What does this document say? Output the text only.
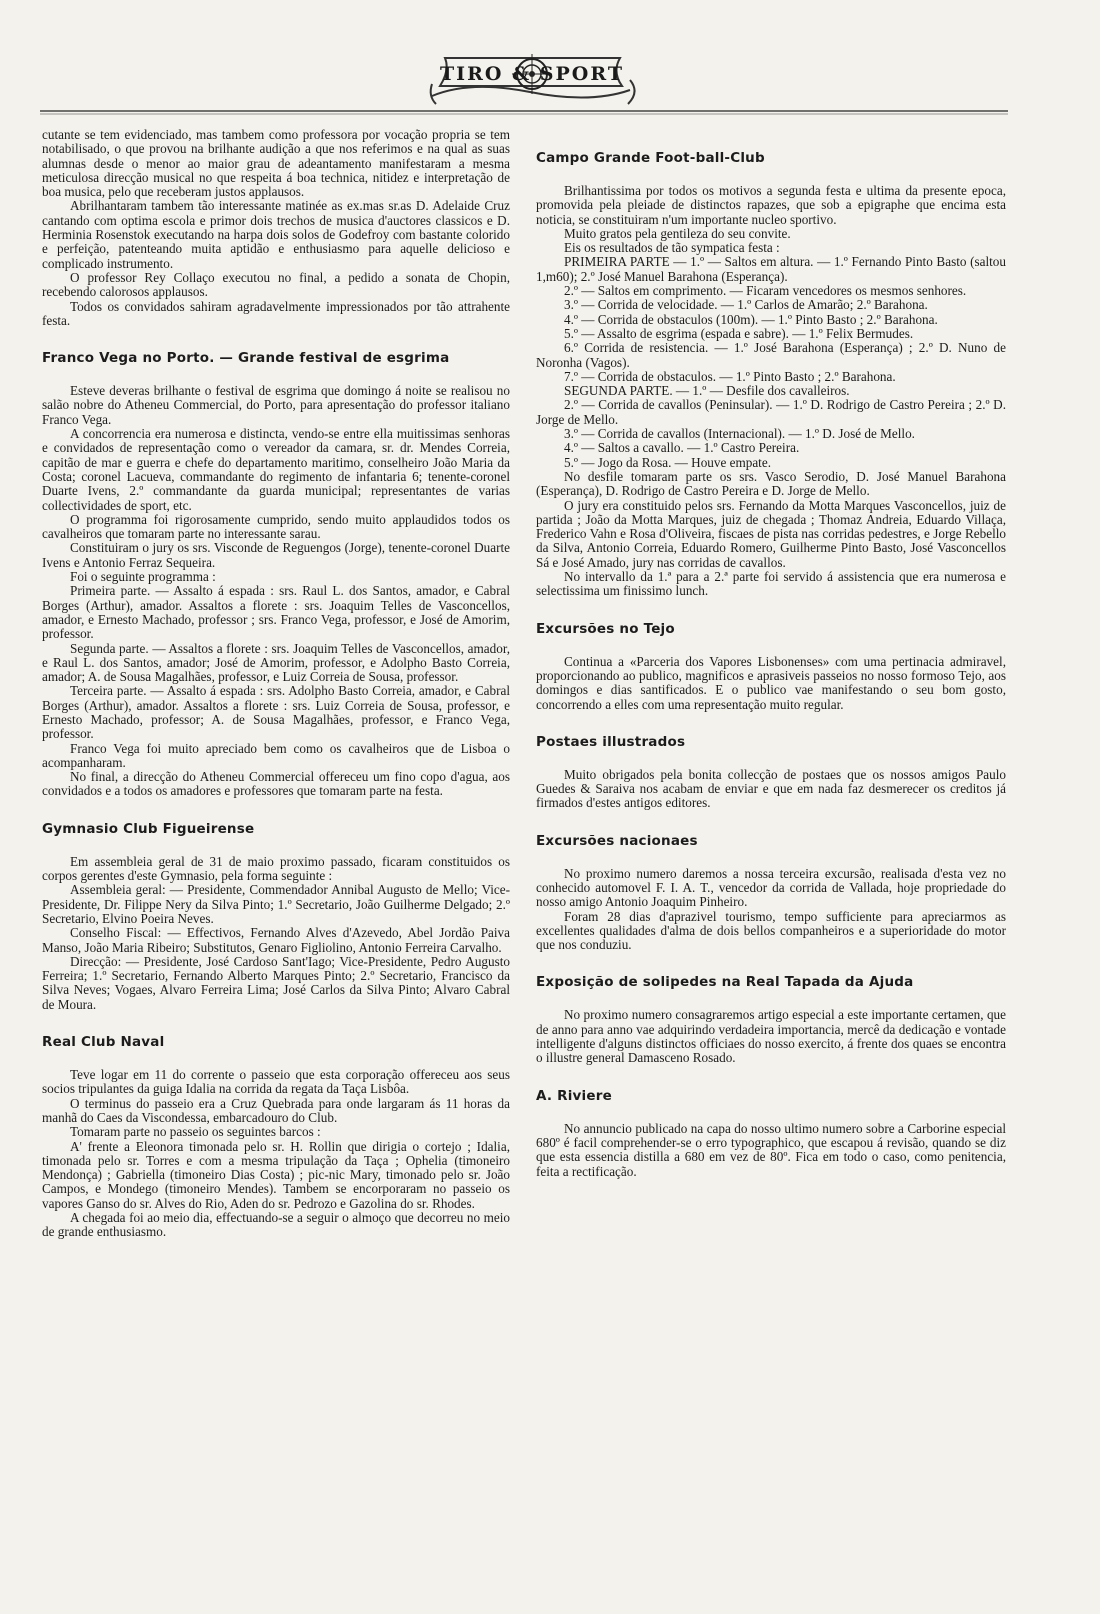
TIRO & SPORT

cutante se tem evidenciado, mas tambem como professora por vocação propria se tem notabilisado, o que provou na brilhante audição a que nos referimos e na qual as suas alumnas desde o menor ao maior grau de adeantamento manifestaram a mesma meticulosa direcção musical no que respeita á boa technica, nitidez e interpretação de boa musica, pelo que receberam justos applausos.

Abrilhantaram tambem tão interessante matinée as ex.mas sr.as D. Adelaide Cruz cantando com optima escola e primor dois trechos de musica d'auctores classicos e D. Herminia Rosenstok executando na harpa dois solos de Godefroy com bastante colorido e perfeição, patenteando muita aptidão e enthusiasmo para aquelle delicioso e complicado instrumento.

O professor Rey Collaço executou no final, a pedido a sonata de Chopin, recebendo calorosos applausos.

Todos os convidados sahiram agradavelmente impressionados por tão attrahente festa.

Franco Vega no Porto. — Grande festival de esgrima

Esteve deveras brilhante o festival de esgrima que domingo á noite se realisou no salão nobre do Atheneu Commercial, do Porto, para apresentação do professor italiano Franco Vega.

A concorrencia era numerosa e distincta, vendo-se entre ella muitissimas senhoras e convidados de representação como o vereador da camara, sr. dr. Mendes Correia, capitão de mar e guerra e chefe do departamento maritimo, conselheiro João Maria da Costa; coronel Lacueva, commandante do regimento de infantaria 6; tenente-coronel Duarte Ivens, 2.º commandante da guarda municipal; representantes de varias collectividades de sport, etc.

O programma foi rigorosamente cumprido, sendo muito applaudidos todos os cavalheiros que tomaram parte no interessante sarau.

Constituiram o jury os srs. Visconde de Reguengos (Jorge), tenente-coronel Duarte Ivens e Antonio Ferraz Sequeira.

Foi o seguinte programma :

Primeira parte. — Assalto á espada : srs. Raul L. dos Santos, amador, e Cabral Borges (Arthur), amador. Assaltos a florete : srs. Joaquim Telles de Vasconcellos, amador, e Ernesto Machado, professor ; srs. Franco Vega, professor, e José de Amorim, professor.

Segunda parte. — Assaltos a florete : srs. Joaquim Telles de Vasconcellos, amador, e Raul L. dos Santos, amador; José de Amorim, professor, e Adolpho Basto Correia, amador; A. de Sousa Magalhães, professor, e Luiz Correia de Sousa, professor.

Terceira parte. — Assalto á espada : srs. Adolpho Basto Correia, amador, e Cabral Borges (Arthur), amador. Assaltos a florete : srs. Luiz Correia de Sousa, professor, e Ernesto Machado, professor; A. de Sousa Magalhães, professor, e Franco Vega, professor.

Franco Vega foi muito apreciado bem como os cavalheiros que de Lisboa o acompanharam.

No final, a direcção do Atheneu Commercial offereceu um fino copo d'agua, aos convidados e a todos os amadores e professores que tomaram parte na festa.

Gymnasio Club Figueirense

Em assembleia geral de 31 de maio proximo passado, ficaram constituidos os corpos gerentes d'este Gymnasio, pela forma seguinte :

Assembleia geral: — Presidente, Commendador Annibal Augusto de Mello; Vice-Presidente, Dr. Filippe Nery da Silva Pinto; 1.º Secretario, João Guilherme Delgado; 2.º Secretario, Elvino Poeira Neves.

Conselho Fiscal: — Effectivos, Fernando Alves d'Azevedo, Abel Jordão Paiva Manso, João Maria Ribeiro; Substitutos, Genaro Figliolino, Antonio Ferreira Carvalho.

Direcção: — Presidente, José Cardoso Sant'Iago; Vice-Presidente, Pedro Augusto Ferreira; 1.º Secretario, Fernando Alberto Marques Pinto; 2.º Secretario, Francisco da Silva Neves; Vogaes, Alvaro Ferreira Lima; José Carlos da Silva Pinto; Alvaro Cabral de Moura.

Real Club Naval

Teve logar em 11 do corrente o passeio que esta corporação offereceu aos seus socios tripulantes da guiga Idalia na corrida da regata da Taça Lisbôa.

O terminus do passeio era a Cruz Quebrada para onde largaram ás 11 horas da manhã do Caes da Viscondessa, embarcadouro do Club.

Tomaram parte no passeio os seguintes barcos :

A' frente a Eleonora timonada pelo sr. H. Rollin que dirigia o cortejo ; Idalia, timonada pelo sr. Torres e com a mesma tripulação da Taça ; Ophelia (timoneiro Mendonça) ; Gabriella (timoneiro Dias Costa) ; pic-nic Mary, timonado pelo sr. João Campos, e Mondego (timoneiro Mendes). Tambem se encorporaram no passeio os vapores Ganso do sr. Alves do Rio, Aden do sr. Pedrozo e Gazolina do sr. Rhodes.

A chegada foi ao meio dia, effectuando-se a seguir o almoço que decorreu no meio de grande enthusiasmo.

Campo Grande Foot-ball-Club

Brilhantissima por todos os motivos a segunda festa e ultima da presente epoca, promovida pela pleiade de distinctos rapazes, que sob a epigraphe que encima esta noticia, se constituiram n'um importante nucleo sportivo.

Muito gratos pela gentileza do seu convite.

Eis os resultados de tão sympatica festa :

PRIMEIRA PARTE — 1.º — Saltos em altura. — 1.º Fernando Pinto Basto (saltou 1,m60); 2.º José Manuel Barahona (Esperança).

2.º — Saltos em comprimento. — Ficaram vencedores os mesmos senhores.

3.º — Corrida de velocidade. — 1.º Carlos de Amarão; 2.º Barahona.

4.º — Corrida de obstaculos (100m). — 1.º Pinto Basto ; 2.º Barahona.

5.º — Assalto de esgrima (espada e sabre). — 1.º Felix Bermudes.

6.º Corrida de resistencia. — 1.º José Barahona (Esperança) ; 2.º D. Nuno de Noronha (Vagos).

7.º — Corrida de obstaculos. — 1.º Pinto Basto ; 2.º Barahona.

SEGUNDA PARTE. — 1.º — Desfile dos cavalleiros.

2.º — Corrida de cavallos (Peninsular). — 1.º D. Rodrigo de Castro Pereira ; 2.º D. Jorge de Mello.

3.º — Corrida de cavallos (Internacional). — 1.º D. José de Mello.

4.º — Saltos a cavallo. — 1.º Castro Pereira.

5.º — Jogo da Rosa. — Houve empate.

No desfile tomaram parte os srs. Vasco Serodio, D. José Manuel Barahona (Esperança), D. Rodrigo de Castro Pereira e D. Jorge de Mello.

O jury era constituido pelos srs. Fernando da Motta Marques Vasconcellos, juiz de partida ; João da Motta Marques, juiz de chegada ; Thomaz Andreia, Eduardo Villaça, Frederico Vahn e Rosa d'Oliveira, fiscaes de pista nas corridas pedestres, e Jorge Rebello da Silva, Antonio Correia, Eduardo Romero, Guilherme Pinto Basto, José Vasconcellos Sá e José Amado, jury nas corridas de cavallos.

No intervallo da 1.ª para a 2.ª parte foi servido á assistencia que era numerosa e selectissima um finissimo lunch.

Excursões no Tejo

Continua a «Parceria dos Vapores Lisbonenses» com uma pertinacia admiravel, proporcionando ao publico, magnificos e aprasiveis passeios no nosso formoso Tejo, aos domingos e dias santificados. E o publico vae manifestando o seu bom gosto, concorrendo a elles com uma representação muito regular.

Postaes illustrados

Muito obrigados pela bonita collecção de postaes que os nossos amigos Paulo Guedes & Saraiva nos acabam de enviar e que em nada faz desmerecer os creditos já firmados d'estes antigos editores.

Excursões nacionaes

No proximo numero daremos a nossa terceira excursão, realisada d'esta vez no conhecido automovel F. I. A. T., vencedor da corrida de Vallada, hoje propriedade do nosso amigo Antonio Joaquim Pinheiro.

Foram 28 dias d'aprazivel tourismo, tempo sufficiente para apreciarmos as excellentes qualidades d'alma de dois bellos companheiros e a superioridade do motor que nos conduziu.

Exposição de solipedes na Real Tapada da Ajuda

No proximo numero consagraremos artigo especial a este importante certamen, que de anno para anno vae adquirindo verdadeira importancia, mercê da dedicação e vontade intelligente d'alguns distinctos officiaes do nosso exercito, á frente dos quaes se encontra o illustre general Damasceno Rosado.

A. Riviere

No annuncio publicado na capa do nosso ultimo numero sobre a Carborine especial 680º é facil comprehender-se o erro typographico, que escapou á revisão, quando se diz que esta essencia distilla a 680 em vez de 80º. Fica em todo o caso, como penitencia, feita a rectificação.
